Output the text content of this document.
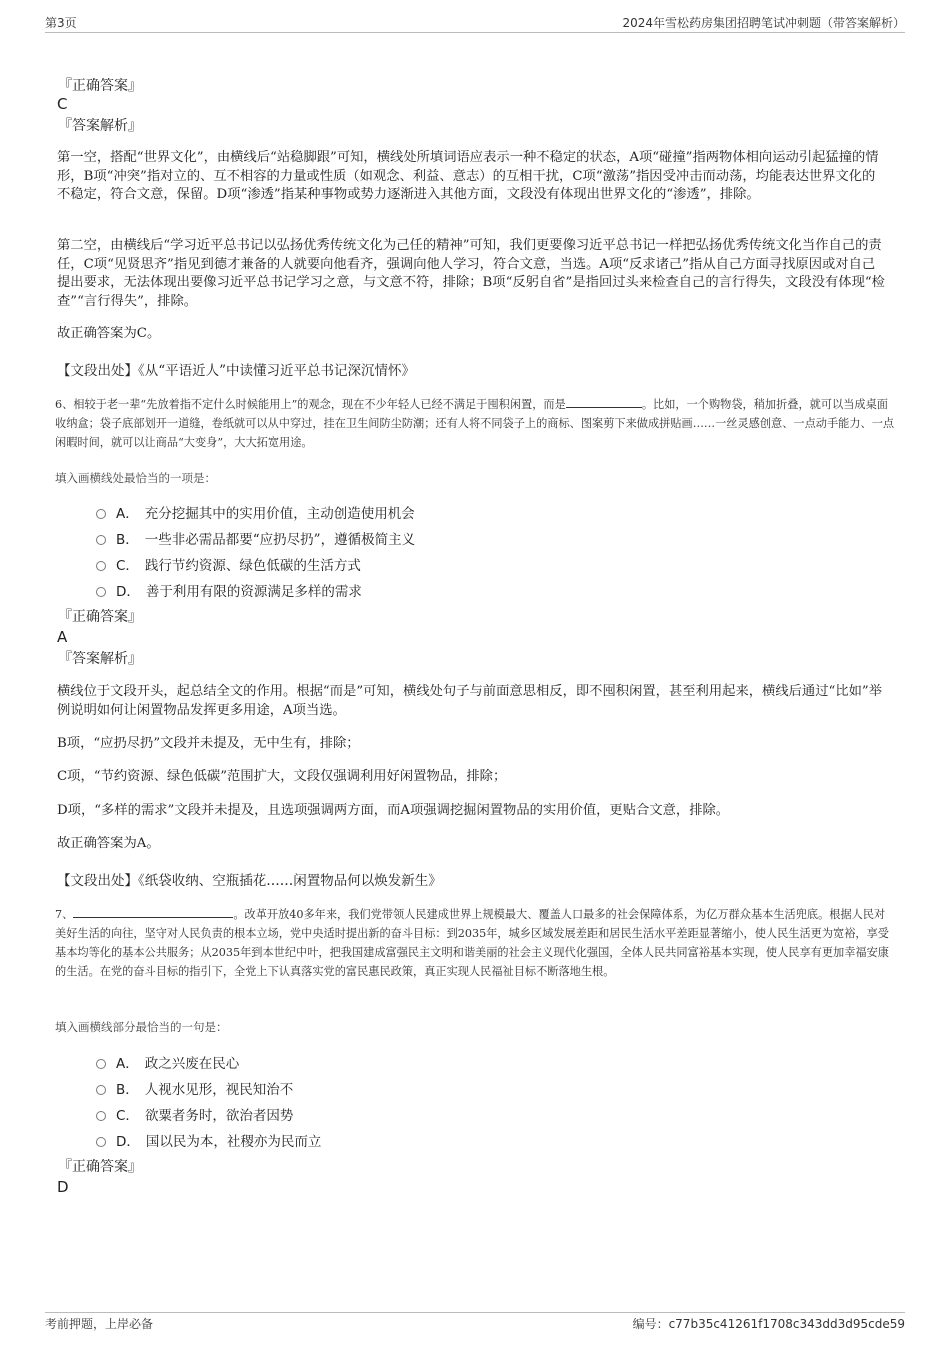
第3页	2024年雪松药房集团招聘笔试冲刺题（带答案解析）
『正确答案』
C
『答案解析』
第一空，搭配“世界文化”，由横线后“站稳脚跟”可知，横线处所填词语应表示一种不稳定的状态，A项“碰撞”指两物体相向运动引起猛撞的情形，B项“冲突”指对立的、互不相容的力量或性质（如观念、利益、意志）的互相干扰，C项“激荡”指因受冲击而动荡，均能表达世界文化的不稳定，符合文意，保留。D项“渗透”指某种事物或势力逐渐进入其他方面，文段没有体现出世界文化的“渗透”，排除。
第二空，由横线后“学习近平总书记以弘扬优秀传统文化为己任的精神”可知，我们更要像习近平总书记一样把弘扬优秀传统文化当作自己的责任，C项“见贤思齐”指见到德才兼备的人就要向他看齐，强调向他人学习，符合文意，当选。A项“反求诸己”指从自己方面寻找原因或对自己提出要求，无法体现出要像习近平总书记学习之意，与文意不符，排除；B项“反躬自省”是指回过头来检查自己的言行得失，文段没有体现“检查”“言行得失”，排除。
故正确答案为C。
【文段出处】《从“平语近人”中读懂习近平总书记深沉情怀》
6、相较于老一辈“先放着指不定什么时候能用上”的观念，现在不少年轻人已经不满足于囤积闲置，而是	。比如，一个购物袋，稍加折叠，就可以当成桌面收纳盒；袋子底部划开一道缝，卷纸就可以从中穿过，挂在卫生间防尘防潮；还有人将不同袋子上的商标、图案剪下来做成拼贴画……一丝灵感创意、一点动手能力、一点闲暇时间，就可以让商品“大变身”，大大拓宽用途。
填入画横线处最恰当的一项是：
A． 充分挖掘其中的实用价值，主动创造使用机会
B． 一些非必需品都要“应扔尽扔”，遵循极简主义
C． 践行节约资源、绿色低碳的生活方式
D． 善于利用有限的资源满足多样的需求
『正确答案』
A
『答案解析』
横线位于文段开头，起总结全文的作用。根据“而是”可知，横线处句子与前面意思相反，即不囤积闲置，甚至利用起来，横线后通过“比如”举例说明如何让闲置物品发挥更多用途，A项当选。
B项，“应扔尽扔”文段并未提及，无中生有，排除；
C项，“节约资源、绿色低碳”范围扩大，文段仅强调利用好闲置物品，排除；
D项，“多样的需求”文段并未提及，且选项强调两方面，而A项强调挖掘闲置物品的实用价值，更贴合文意，排除。
故正确答案为A。
【文段出处】《纸袋收纳、空瓶插花……闲置物品何以焕发新生》
7、	。改革开放40多年来，我们党带领人民建成世界上规模最大、覆盖人口最多的社会保障体系，为亿万群众基本生活兜底。根据人民对美好生活的向往，坚守对人民负责的根本立场，党中央适时提出新的奋斗目标：到2035年，城乡区域发展差距和居民生活水平差距显著缩小，使人民生活更为宽裕，享受基本均等化的基本公共服务；从2035年到本世纪中叶，把我国建成富强民主文明和谐美丽的社会主义现代化强国，全体人民共同富裕基本实现，使人民享有更加幸福安康的生活。在党的奋斗目标的指引下，全党上下认真落实党的富民惠民政策，真正实现人民福祉目标不断落地生根。
填入画横线部分最恰当的一句是：
A． 政之兴废在民心
B． 人视水见形，视民知治不
C． 欲粟者务时，欲治者因势
D． 国以民为本，社稷亦为民而立
『正确答案』
D
考前押题，上岸必备	编号：c77b35c41261f1708c343dd3d95cde59
